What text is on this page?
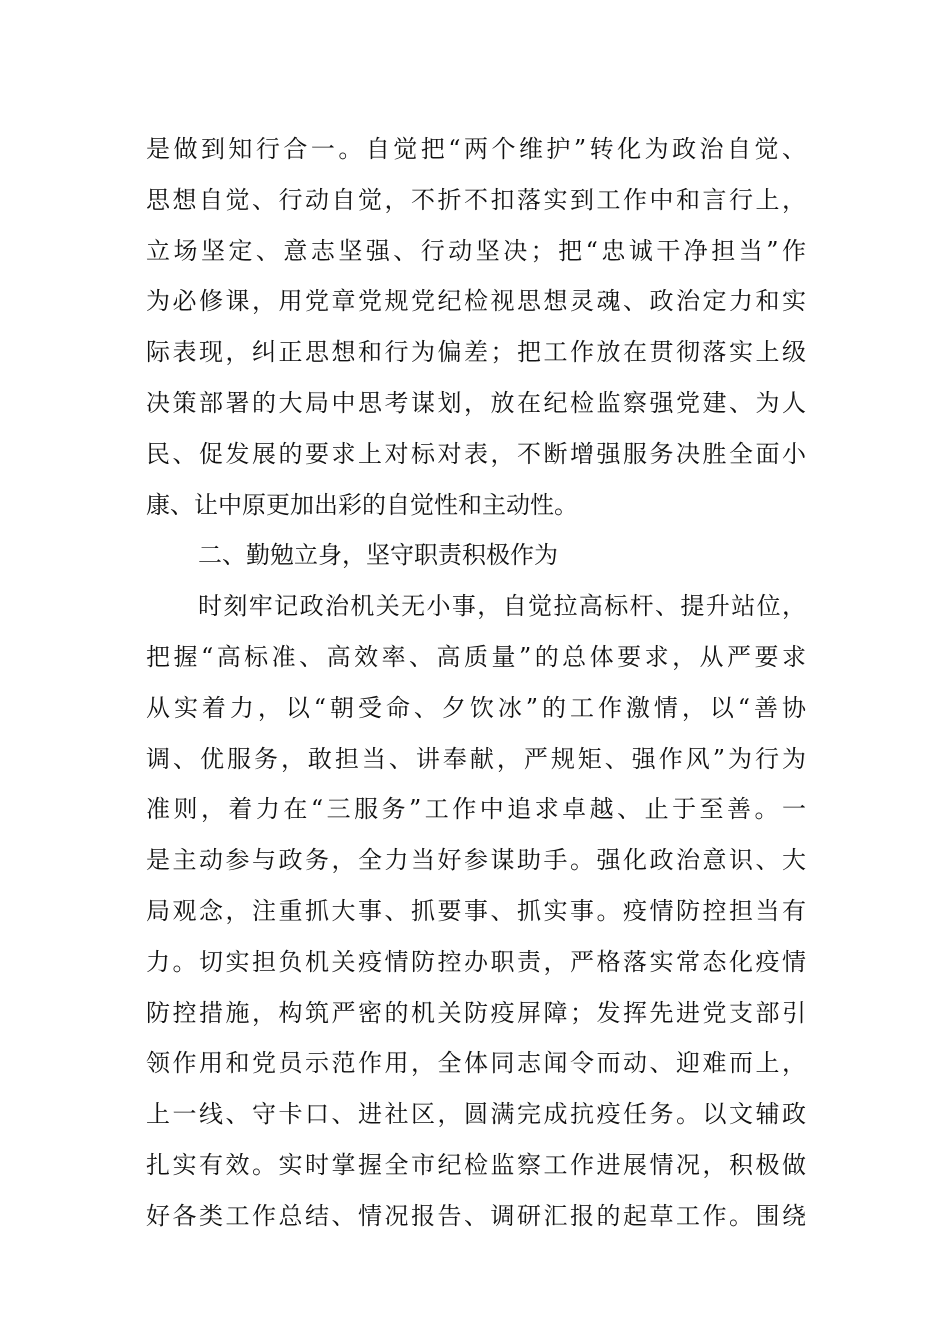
是做到知行合一。自觉把“两个维护”转化为政治自觉、
思想自觉、行动自觉，不折不扣落实到工作中和言行上，
立场坚定、意志坚强、行动坚决；把“忠诚干净担当”作
为必修课，用党章党规党纪检视思想灵魂、政治定力和实
际表现，纠正思想和行为偏差；把工作放在贯彻落实上级
决策部署的大局中思考谋划，放在纪检监察强党建、为人
民、促发展的要求上对标对表，不断增强服务决胜全面小
康、让中原更加出彩的自觉性和主动性。
二、勤勉立身，坚守职责积极作为
时刻牢记政治机关无小事，自觉拉高标杆、提升站位，
把握“高标准、高效率、高质量”的总体要求，从严要求
从实着力，以“朝受命、夕饮冰”的工作激情，以“善协
调、优服务，敢担当、讲奉献，严规矩、强作风”为行为
准则，着力在“三服务”工作中追求卓越、止于至善。一
是主动参与政务，全力当好参谋助手。强化政治意识、大
局观念，注重抓大事、抓要事、抓实事。疫情防控担当有
力。切实担负机关疫情防控办职责，严格落实常态化疫情
防控措施，构筑严密的机关防疫屏障；发挥先进党支部引
领作用和党员示范作用，全体同志闻令而动、迎难而上，
上一线、守卡口、进社区，圆满完成抗疫任务。以文辅政
扎实有效。实时掌握全市纪检监察工作进展情况，积极做
好各类工作总结、情况报告、调研汇报的起草工作。围绕
